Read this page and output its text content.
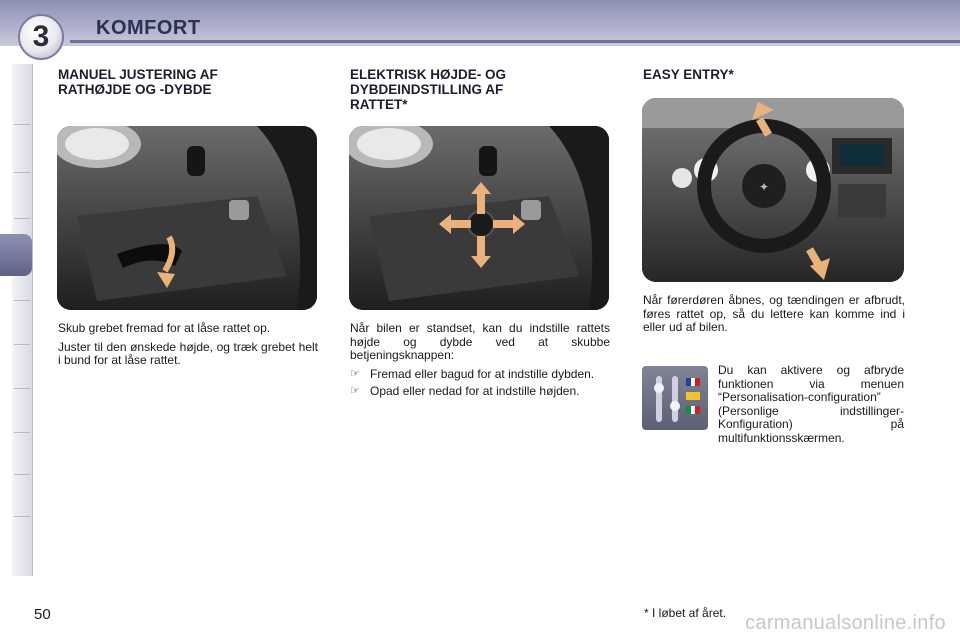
3	KOMFORT
MANUEL JUSTERING AF
RATHØJDE OG -DYBDE

Skub grebet fremad for at låse rattet op.

Juster til den ønskede højde, og træk grebet helt i bund for at låse rattet.

ELEKTRISK HØJDE- OG
DYBDEINDSTILLING AF
RATTET*

Når bilen er standset, kan du indstille rattets højde og dybde ved at skubbe betjeningsknappen:

☞ Fremad eller bagud for at indstille dybden.
☞ Opad eller nedad for at indstille højden.
EASY ENTRY*
✦
Når førerdøren åbnes, og tændingen er afbrudt, føres rattet op, så du lettere kan komme ind i eller ud af bilen.
Du kan aktivere og afbryde funktionen via menuen “Personalisation-configuration” (Personlige indstillinger-Konfiguration) på multifunktionsskærmen.
50	* I løbet af året. carmanualsonline.info
